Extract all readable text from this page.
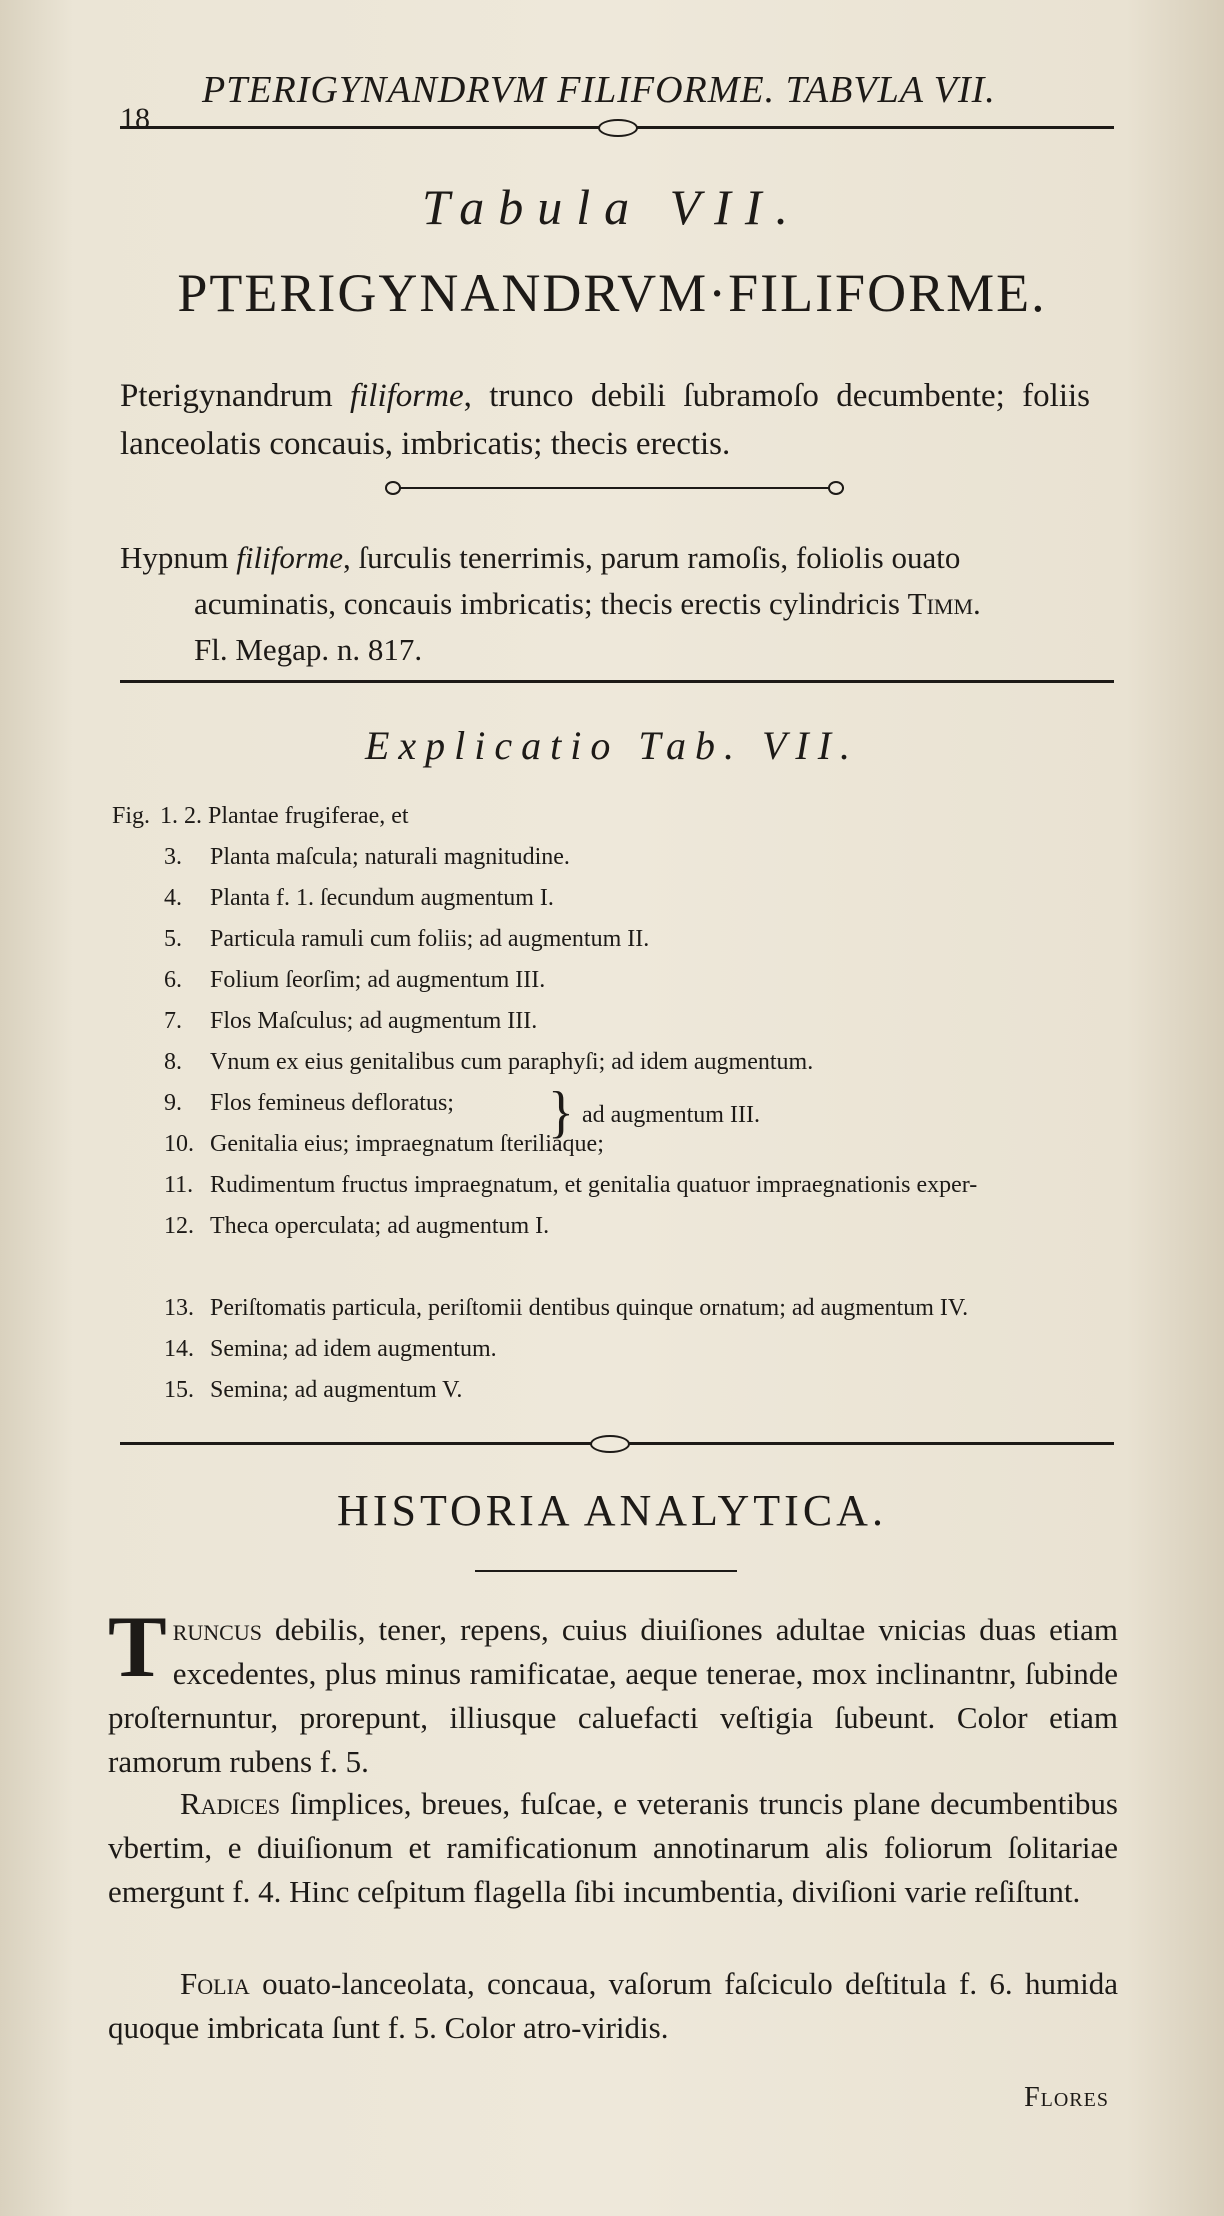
18
PTERIGYNANDRVM FILIFORME. TABVLA VII.
Tabula VII.
PTERIGYNANDRVM·FILIFORME.
Pterigynandrum filiforme, trunco debili ſubramoſo decumbente; foliis lanceolatis concauis, imbricatis; thecis erectis.
Hypnum filiforme, ſurculis tenerrimis, parum ramoſis, foliolis ouato
acuminatis, concauis imbricatis; thecis erectis cylindricis Timm.
Fl. Megap. n. 817.
Explicatio Tab. VII.
Fig. 1. 2. Plantae frugiferae, et
3.	Planta maſcula; naturali magnitudine.
4.	Planta f. 1. ſecundum augmentum I.
5.	Particula ramuli cum foliis; ad augmentum II.
6.	Folium ſeorſim; ad augmentum III.
7.	Flos Maſculus; ad augmentum III.
8.	Vnum ex eius genitalibus cum paraphyſi; ad idem augmentum.
9.	Flos femineus defloratus;
10. Genitalia eius; impraegnatum ſteriliaque;
11. Rudimentum fructus impraegnatum, et genitalia quatuor impraegnationis exper-
12. Theca operculata; ad augmentum I.
13. Periſtomatis particula, periſtomii dentibus quinque ornatum; ad augmentum IV.
14. Semina; ad idem augmentum.
15. Semina; ad augmentum V.
} ad augmentum III.
HISTORIA ANALYTICA.
Truncus debilis, tener, repens, cuius diuiſiones adultae vnicias duas etiam excedentes, plus minus ramificatae, aeque tenerae, mox inclinantnr, ſubinde proſternuntur, prorepunt, illiusque caluefacti veſtigia ſubeunt. Color etiam ramorum rubens f. 5.
Radices ſimplices, breues, fuſcae, e veteranis truncis plane decumbentibus vbertim, e diuiſionum et ramificationum annotinarum alis foliorum ſolitariae emergunt f. 4. Hinc ceſpitum flagella ſibi incumbentia, diviſioni varie reſiſtunt.
Folia ouato-lanceolata, concaua, vaſorum faſciculo deſtitula f. 6. humida quoque imbricata ſunt f. 5. Color atro-viridis.
Flores
